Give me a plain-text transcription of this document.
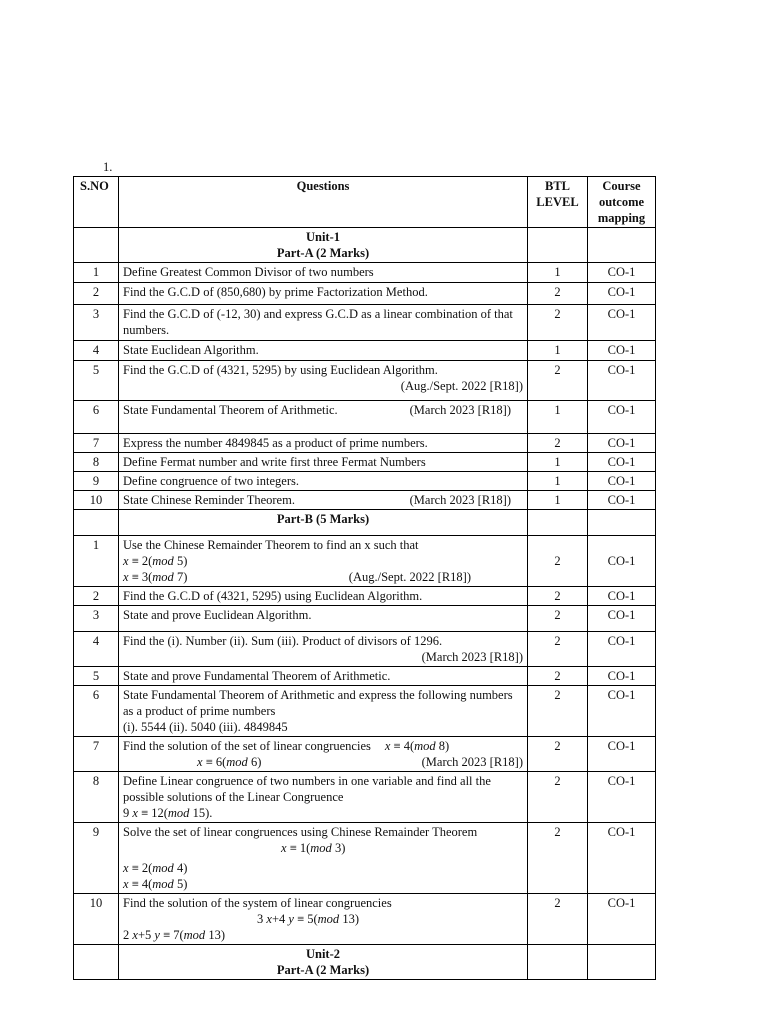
1.
S.NO	Questions	BTL LEVEL	Course outcome mapping

	Unit-1
Part-A (2 Marks)		

1	Define Greatest Common Divisor of two numbers	1	CO-1
2	Find the G.C.D of (850,680) by prime Factorization Method.	2	CO-1
3	Find the G.C.D of (-12, 30) and express G.C.D as a linear combination of that numbers.	2	CO-1
4	State Euclidean Algorithm.	1	CO-1
5	Find the G.C.D of (4321, 5295) by using Euclidean Algorithm.
(Aug./Sept. 2022 [R18])	2	CO-1
6	State Fundamental Theorem of Arithmetic. (March 2023 [R18])	1	CO-1
7	Express the number 4849845 as a product of prime numbers.	2	CO-1
8	Define Fermat number and write first three Fermat Numbers	1	CO-1
9	Define congruence of two integers.	1	CO-1
10	State Chinese Reminder Theorem. (March 2023 [R18])	1	CO-1
	Part-B (5 Marks)		
1	Use the Chinese Remainder Theorem to find an x such that
x ≡ 2(mod 5)
x ≡ 3(mod 7) (Aug./Sept. 2022 [R18])	2	CO-1
2	Find the G.C.D of (4321, 5295) using Euclidean Algorithm.	2	CO-1
3	State and prove Euclidean Algorithm.	2	CO-1
4	Find the (i). Number (ii). Sum (iii). Product of divisors of 1296.
(March 2023 [R18])	2	CO-1
5	State and prove Fundamental Theorem of Arithmetic.	2	CO-1
6	State Fundamental Theorem of Arithmetic and express the following numbers as a product of prime numbers
(i). 5544 (ii). 5040 (iii). 4849845	2	CO-1
7	Find the solution of the set of linear congruencies x ≡ 4(mod 8)
x ≡ 6(mod 6) (March 2023 [R18])	2	CO-1
8	Define Linear congruence of two numbers in one variable and find all the possible solutions of the Linear Congruence
9 x ≡ 12(mod 15).	2	CO-1
9	Solve the set of linear congruences using Chinese Remainder Theorem
x ≡ 1(mod 3)
x ≡ 2(mod 4)
x ≡ 4(mod 5)	2	CO-1
10	Find the solution of the system of linear congruencies
3 x+4 y ≡ 5(mod 13)
2 x+5 y ≡ 7(mod 13)	2	CO-1

	Unit-2
Part-A (2 Marks)		
